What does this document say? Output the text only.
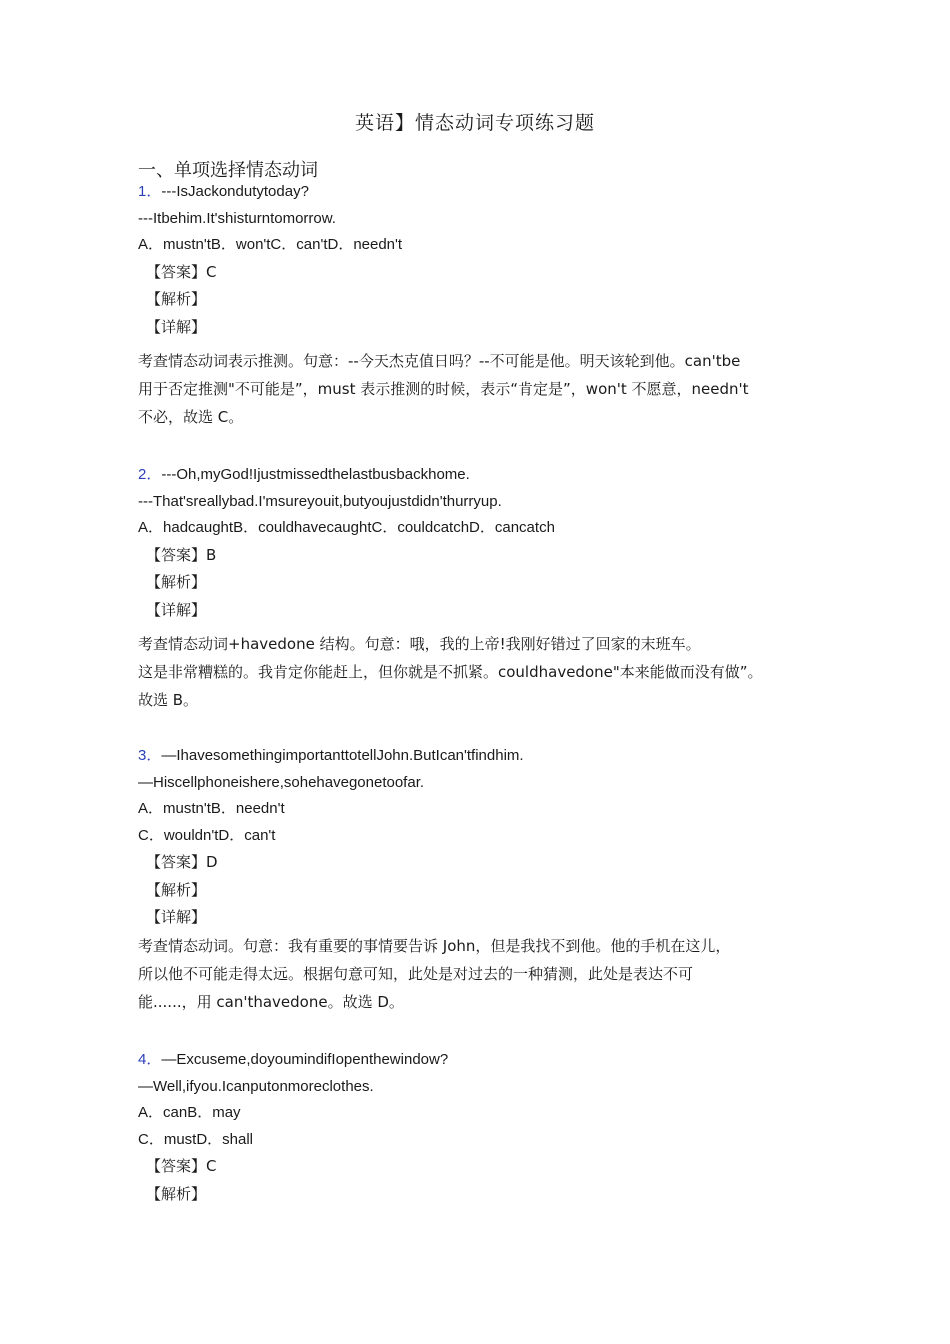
英语】情态动词专项练习题
一、单项选择情态动词
1．---IsJackondutytoday?
---Itbehim.It'shisturntomorrow.
A．mustn'tB．won'tC．can'tD．needn't
【答案】C
【解析】
【详解】
考查情态动词表示推测。句意：--今天杰克值日吗？--不可能是他。明天该轮到他。can'tbe
用于否定推测"不可能是”，must 表示推测的时候，表示“肯定是”，won't 不愿意，needn't
不必，故选 C。
2．---Oh,myGod!Ijustmissedthelastbusbackhome.
---That'sreallybad.I'msureyouit,butyoujustdidn'thurryup.
A．hadcaughtB．couldhavecaughtC．couldcatchD．cancatch
【答案】B
【解析】
【详解】
考查情态动词+havedone 结构。句意：哦，我的上帝!我刚好错过了回家的末班车。
这是非常糟糕的。我肯定你能赶上，但你就是不抓紧。couldhavedone"本来能做而没有做”。
故选 B。
3．—IhavesomethingimportanttotellJohn.ButIcan'tfindhim.
—Hiscellphoneishere,sohehavegonetoofar.
A．mustn'tB．needn't
C．wouldn'tD．can't
【答案】D
【解析】
【详解】
考查情态动词。句意：我有重要的事情要告诉 John，但是我找不到他。他的手机在这儿，
所以他不可能走得太远。根据句意可知，此处是对过去的一种猜测，此处是表达不可
能......，用 can'thavedone。故选 D。
4．—Excuseme,doyoumindifIopenthewindow?
—Well,ifyou.Icanputonmoreclothes.
A．canB．may
C．mustD．shall
【答案】C
【解析】
